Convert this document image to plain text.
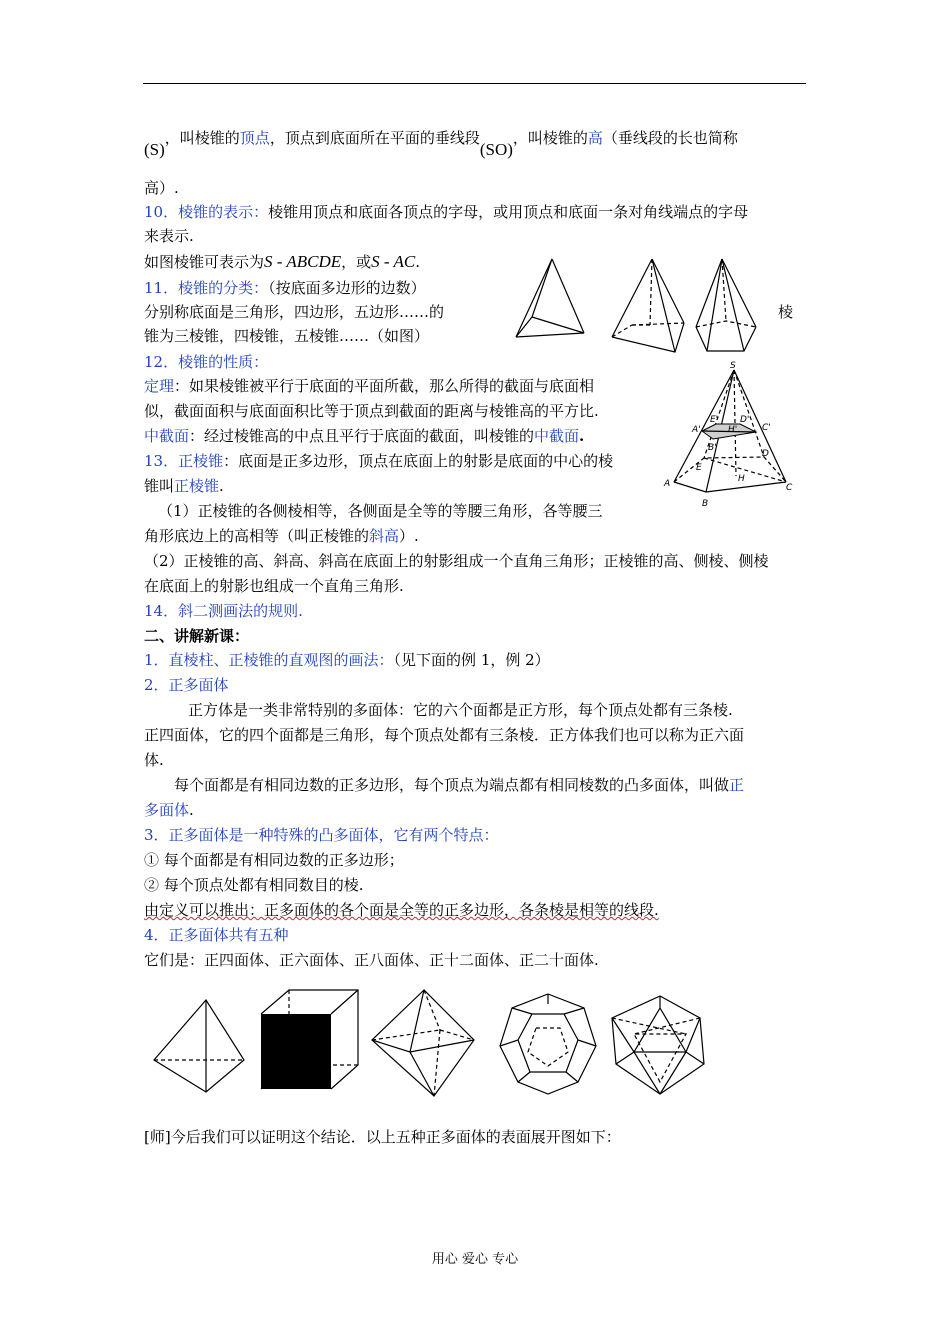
(S)，叫棱锥的顶点，顶点到底面所在平面的垂线段(SO)，叫棱锥的高（垂线段的长也简称
高）.
10．棱锥的表示：棱锥用顶点和底面各顶点的字母，或用顶点和底面一条对角线端点的字母
来表示.
如图棱锥可表示为S - ABCDE，或S - AC.
11．棱锥的分类：（按底面多边形的边数）
分别称底面是三角形，四边形，五边形……的	棱
锥为三棱锥，四棱锥，五棱锥……（如图）
12．棱锥的性质：
定理：如果棱锥被平行于底面的平面所截，那么所得的截面与底面相
似，截面面积与底面面积比等于顶点到截面的距离与棱锥高的平方比.
中截面：经过棱锥高的中点且平行于底面的截面，叫棱锥的中截面.
13．正棱锥：底面是正多边形，顶点在底面上的射影是底面的中心的棱
锥叫正棱锥.
（1）正棱锥的各侧棱相等，各侧面是全等的等腰三角形，各等腰三
角形底边上的高相等（叫正棱锥的斜高）.
（2）正棱锥的高、斜高、斜高在底面上的射影组成一个直角三角形；正棱锥的高、侧棱、侧棱
在底面上的射影也组成一个直角三角形.
14．斜二测画法的规则.
二、讲解新课：
1．直棱柱、正棱锥的直观图的画法：（见下面的例 1，例 2）
2．正多面体
正方体是一类非常特别的多面体：它的六个面都是正方形，每个顶点处都有三条棱.
正四面体，它的四个面都是三角形，每个顶点处都有三条棱．正方体我们也可以称为正六面
体.
每个面都是有相同边数的正多边形，每个顶点为端点都有相同棱数的凸多面体，叫做正
多面体.
3．正多面体是一种特殊的凸多面体，它有两个特点：
① 每个面都是有相同边数的正多边形；
② 每个顶点处都有相同数目的棱.
由定义可以推出：正多面体的各个面是全等的正多边形，各条棱是相等的线段.
4．正多面体共有五种
它们是：正四面体、正六面体、正八面体、正十二面体、正二十面体.
[师]今后我们可以证明这个结论．以上五种正多面体的表面展开图如下：
S
A'
B'
C'
D'
E'
H'
A
B
C
D
E
H
用心 爱心 专心
